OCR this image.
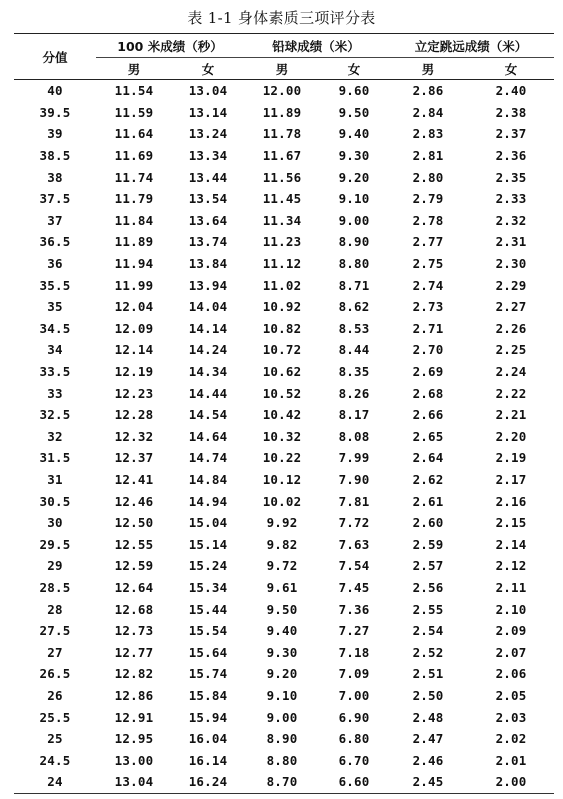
表 1-1 身体素质三项评分表
分值	100 米成绩（秒）		铅球成绩（米）		立定跳远成绩（米）	
	男	女	男	女	男	女
40	11.54	13.04	12.00	9.60	2.86	2.40
39.5	11.59	13.14	11.89	9.50	2.84	2.38
39	11.64	13.24	11.78	9.40	2.83	2.37
38.5	11.69	13.34	11.67	9.30	2.81	2.36
38	11.74	13.44	11.56	9.20	2.80	2.35
37.5	11.79	13.54	11.45	9.10	2.79	2.33
37	11.84	13.64	11.34	9.00	2.78	2.32
36.5	11.89	13.74	11.23	8.90	2.77	2.31
36	11.94	13.84	11.12	8.80	2.75	2.30
35.5	11.99	13.94	11.02	8.71	2.74	2.29
35	12.04	14.04	10.92	8.62	2.73	2.27
34.5	12.09	14.14	10.82	8.53	2.71	2.26
34	12.14	14.24	10.72	8.44	2.70	2.25
33.5	12.19	14.34	10.62	8.35	2.69	2.24
33	12.23	14.44	10.52	8.26	2.68	2.22
32.5	12.28	14.54	10.42	8.17	2.66	2.21
32	12.32	14.64	10.32	8.08	2.65	2.20
31.5	12.37	14.74	10.22	7.99	2.64	2.19
31	12.41	14.84	10.12	7.90	2.62	2.17
30.5	12.46	14.94	10.02	7.81	2.61	2.16
30	12.50	15.04	9.92	7.72	2.60	2.15
29.5	12.55	15.14	9.82	7.63	2.59	2.14
29	12.59	15.24	9.72	7.54	2.57	2.12
28.5	12.64	15.34	9.61	7.45	2.56	2.11
28	12.68	15.44	9.50	7.36	2.55	2.10
27.5	12.73	15.54	9.40	7.27	2.54	2.09
27	12.77	15.64	9.30	7.18	2.52	2.07
26.5	12.82	15.74	9.20	7.09	2.51	2.06
26	12.86	15.84	9.10	7.00	2.50	2.05
25.5	12.91	15.94	9.00	6.90	2.48	2.03
25	12.95	16.04	8.90	6.80	2.47	2.02
24.5	13.00	16.14	8.80	6.70	2.46	2.01
24	13.04	16.24	8.70	6.60	2.45	2.00
